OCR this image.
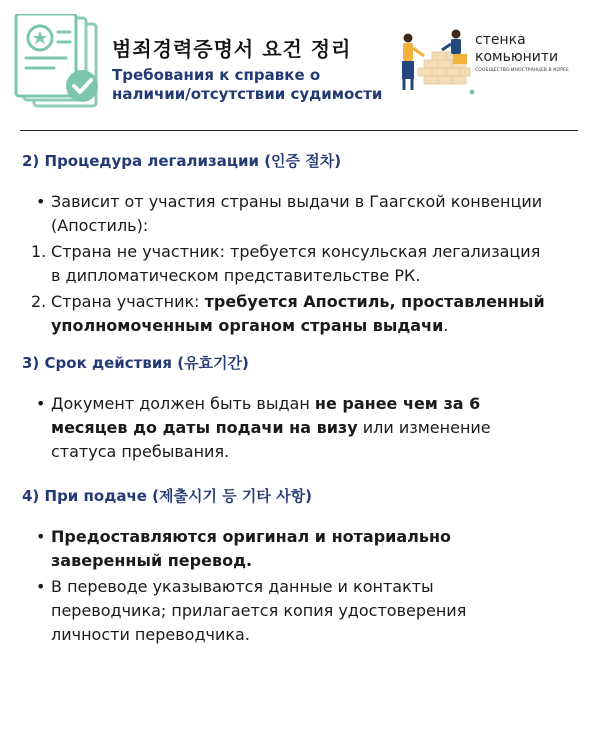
범죄경력증명서 요건 정리
Требования к справке о
наличии/отсутствии судимости
стенка
комьюнити
СООБЩЕСТВО ИНОСТРАНЦЕВ В КОРЕЕ
2) Процедура легализации (인증 절차)
• Зависит от участия страны выдачи в Гаагской конвенции
(Апостиль):
1. Страна не участник: требуется консульская легализация
в дипломатическом представительстве РК.
2. Страна участник: требуется Апостиль, проставленный
уполномоченным органом страны выдачи.
3) Срок действия (유효기간)
• Документ должен быть выдан не ранее чем за 6
месяцев до даты подачи на визу или изменение
статуса пребывания.
4) При подаче (제출시기 등 기타 사항)
• Предоставляются оригинал и нотариально
заверенный перевод.
• В переводе указываются данные и контакты
переводчика; прилагается копия удостоверения
личности переводчика.
